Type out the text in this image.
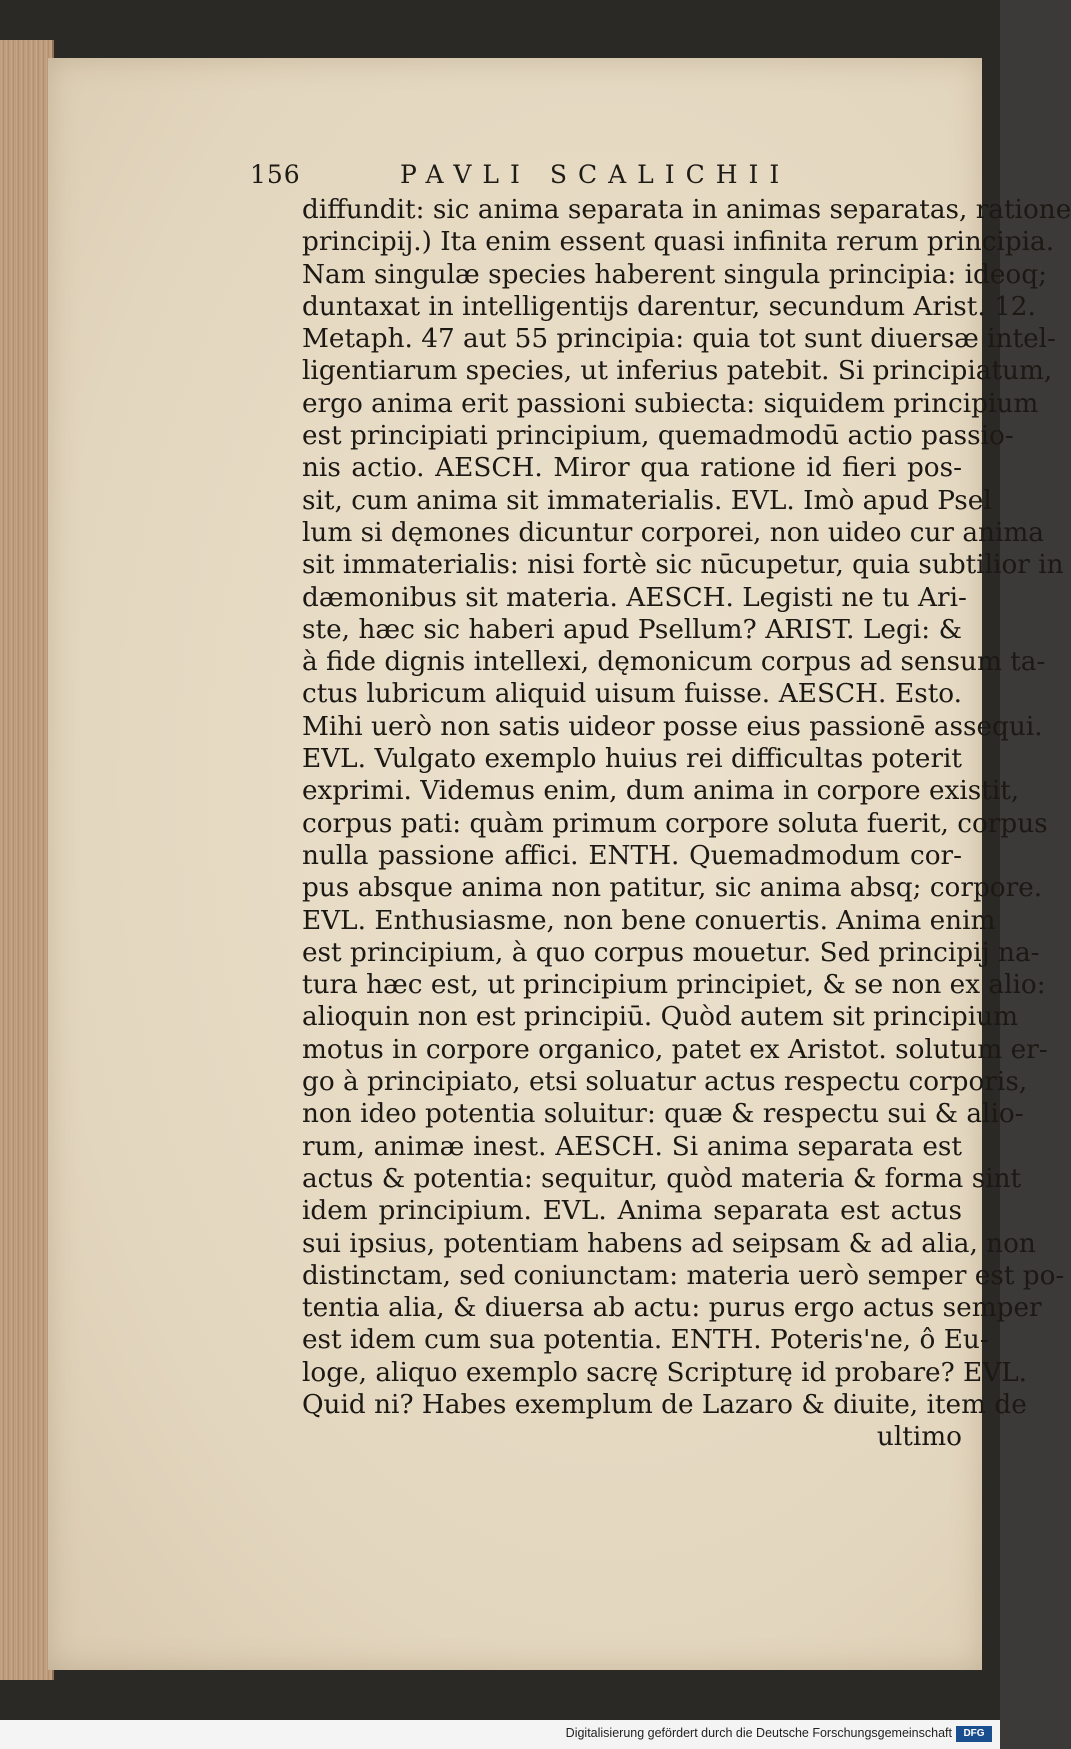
156	PAVLI SCALICHII
diffundit: sic anima separata in animas separatas, ratione
principij.) Ita enim essent quasi infinita rerum principia.
Nam singulæ species haberent singula principia: ideoq;
duntaxat in intelligentijs darentur, secundum Arist. 12.
Metaph. 47 aut 55 principia: quia tot sunt diuersæ intel-
ligentiarum species, ut inferius patebit. Si principiatum,
ergo anima erit passioni subiecta: siquidem principium
est principiati principium, quemadmodū actio passio-
nis actio. AESCH. Miror qua ratione id fieri pos-
sit, cum anima sit immaterialis. EVL. Imò apud Psel
lum si dęmones dicuntur corporei, non uideo cur anima
sit immaterialis: nisi fortè sic nūcupetur, quia subtilior in
dæmonibus sit materia. AESCH. Legisti ne tu Ari-
ste, hæc sic haberi apud Psellum? ARIST. Legi: &
à fide dignis intellexi, dęmonicum corpus ad sensum ta-
ctus lubricum aliquid uisum fuisse. AESCH. Esto.
Mihi uerò non satis uideor posse eius passionē assequi.
EVL. Vulgato exemplo huius rei difficultas poterit
exprimi. Videmus enim, dum anima in corpore existit,
corpus pati: quàm primum corpore soluta fuerit, corpus
nulla passione affici. ENTH. Quemadmodum cor-
pus absque anima non patitur, sic anima absq; corpore.
EVL. Enthusiasme, non bene conuertis. Anima enim
est principium, à quo corpus mouetur. Sed principij na-
tura hæc est, ut principium principiet, & se non ex alio:
alioquin non est principiū. Quòd autem sit principium
motus in corpore organico, patet ex Aristot. solutum er-
go à principiato, etsi soluatur actus respectu corporis,
non ideo potentia soluitur: quæ & respectu sui & alio-
rum, animæ inest. AESCH. Si anima separata est
actus & potentia: sequitur, quòd materia & forma sint
idem principium. EVL. Anima separata est actus
sui ipsius, potentiam habens ad seipsam & ad alia, non
distinctam, sed coniunctam: materia uerò semper est po-
tentia alia, & diuersa ab actu: purus ergo actus semper
est idem cum sua potentia. ENTH. Poteris'ne, ô Eu-
loge, aliquo exemplo sacrę Scripturę id probare? EVL.
Quid ni? Habes exemplum de Lazaro & diuite, item de
ultimo
Digitalisierung gefördert durch die Deutsche Forschungsgemeinschaft	DFG
